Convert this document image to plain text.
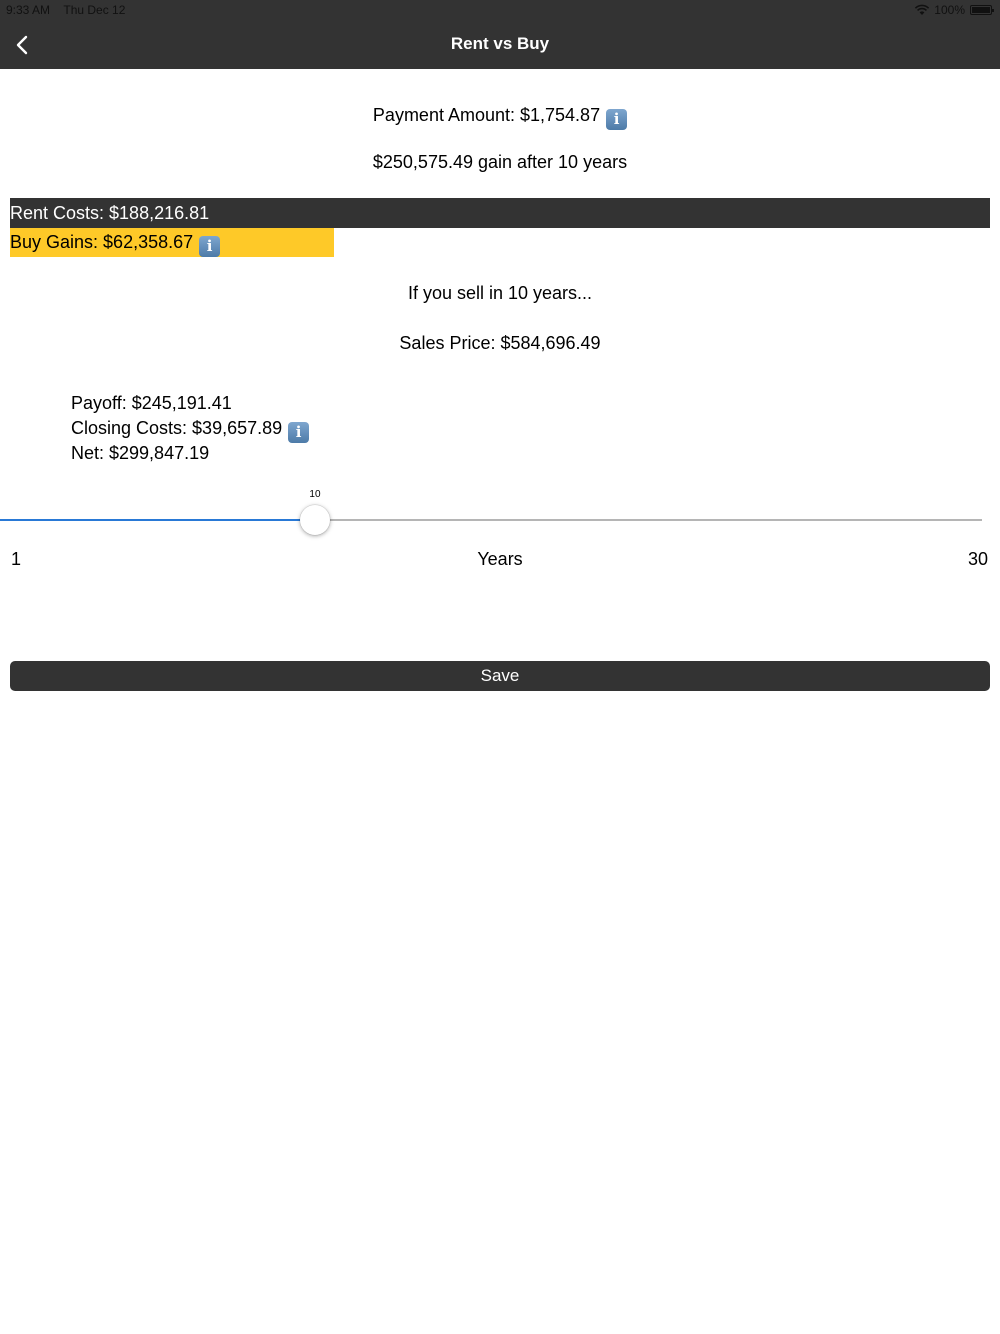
9:33 AM Thu Dec 12	100%
Rent vs Buy
Payment Amount: $1,754.87 i
$250,575.49 gain after 10 years
Rent Costs: $188,216.81
Buy Gains: $62,358.67 i
If you sell in 10 years...
Sales Price: $584,696.49
Payoff: $245,191.41
Closing Costs: $39,657.89 i
Net: $299,847.19
10
1	Years	30
Save
